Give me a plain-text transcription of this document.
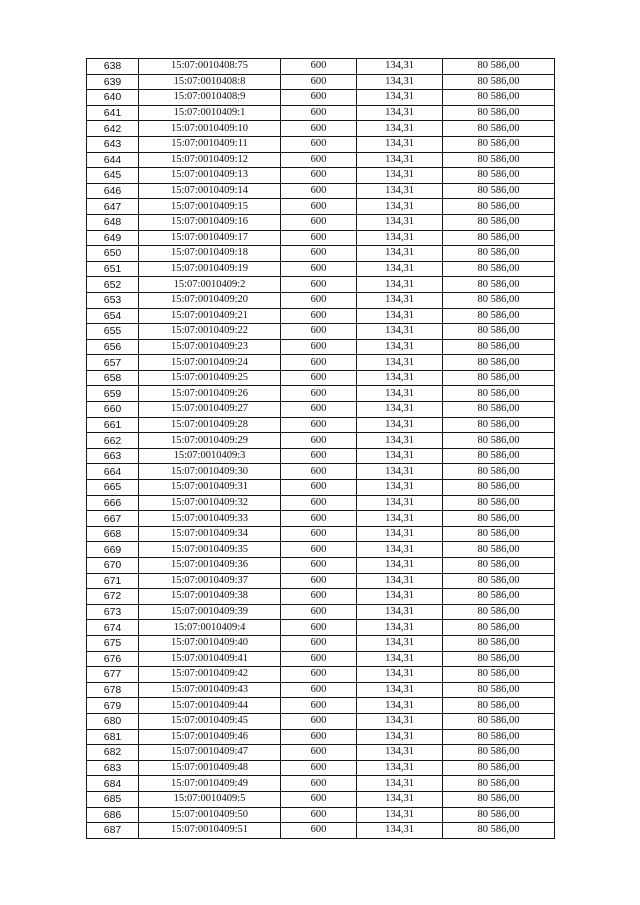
638	15:07:0010408:75	600	134,31	80 586,00
639	15:07:0010408:8	600	134,31	80 586,00
640	15:07:0010408:9	600	134,31	80 586,00
641	15:07:0010409:1	600	134,31	80 586,00
642	15:07:0010409:10	600	134,31	80 586,00
643	15:07:0010409:11	600	134,31	80 586,00
644	15:07:0010409:12	600	134,31	80 586,00
645	15:07:0010409:13	600	134,31	80 586,00
646	15:07:0010409:14	600	134,31	80 586,00
647	15:07:0010409:15	600	134,31	80 586,00
648	15:07:0010409:16	600	134,31	80 586,00
649	15:07:0010409:17	600	134,31	80 586,00
650	15:07:0010409:18	600	134,31	80 586,00
651	15:07:0010409:19	600	134,31	80 586,00
652	15:07:0010409:2	600	134,31	80 586,00
653	15:07:0010409:20	600	134,31	80 586,00
654	15:07:0010409:21	600	134,31	80 586,00
655	15:07:0010409:22	600	134,31	80 586,00
656	15:07:0010409:23	600	134,31	80 586,00
657	15:07:0010409:24	600	134,31	80 586,00
658	15:07:0010409:25	600	134,31	80 586,00
659	15:07:0010409:26	600	134,31	80 586,00
660	15:07:0010409:27	600	134,31	80 586,00
661	15:07:0010409:28	600	134,31	80 586,00
662	15:07:0010409:29	600	134,31	80 586,00
663	15:07:0010409:3	600	134,31	80 586,00
664	15:07:0010409:30	600	134,31	80 586,00
665	15:07:0010409:31	600	134,31	80 586,00
666	15:07:0010409:32	600	134,31	80 586,00
667	15:07:0010409:33	600	134,31	80 586,00
668	15:07:0010409:34	600	134,31	80 586,00
669	15:07:0010409:35	600	134,31	80 586,00
670	15:07:0010409:36	600	134,31	80 586,00
671	15:07:0010409:37	600	134,31	80 586,00
672	15:07:0010409:38	600	134,31	80 586,00
673	15:07:0010409:39	600	134,31	80 586,00
674	15:07:0010409:4	600	134,31	80 586,00
675	15:07:0010409:40	600	134,31	80 586,00
676	15:07:0010409:41	600	134,31	80 586,00
677	15:07:0010409:42	600	134,31	80 586,00
678	15:07:0010409:43	600	134,31	80 586,00
679	15:07:0010409:44	600	134,31	80 586,00
680	15:07:0010409:45	600	134,31	80 586,00
681	15:07:0010409:46	600	134,31	80 586,00
682	15:07:0010409:47	600	134,31	80 586,00
683	15:07:0010409:48	600	134,31	80 586,00
684	15:07:0010409:49	600	134,31	80 586,00
685	15:07:0010409:5	600	134,31	80 586,00
686	15:07:0010409:50	600	134,31	80 586,00
687	15:07:0010409:51	600	134,31	80 586,00
